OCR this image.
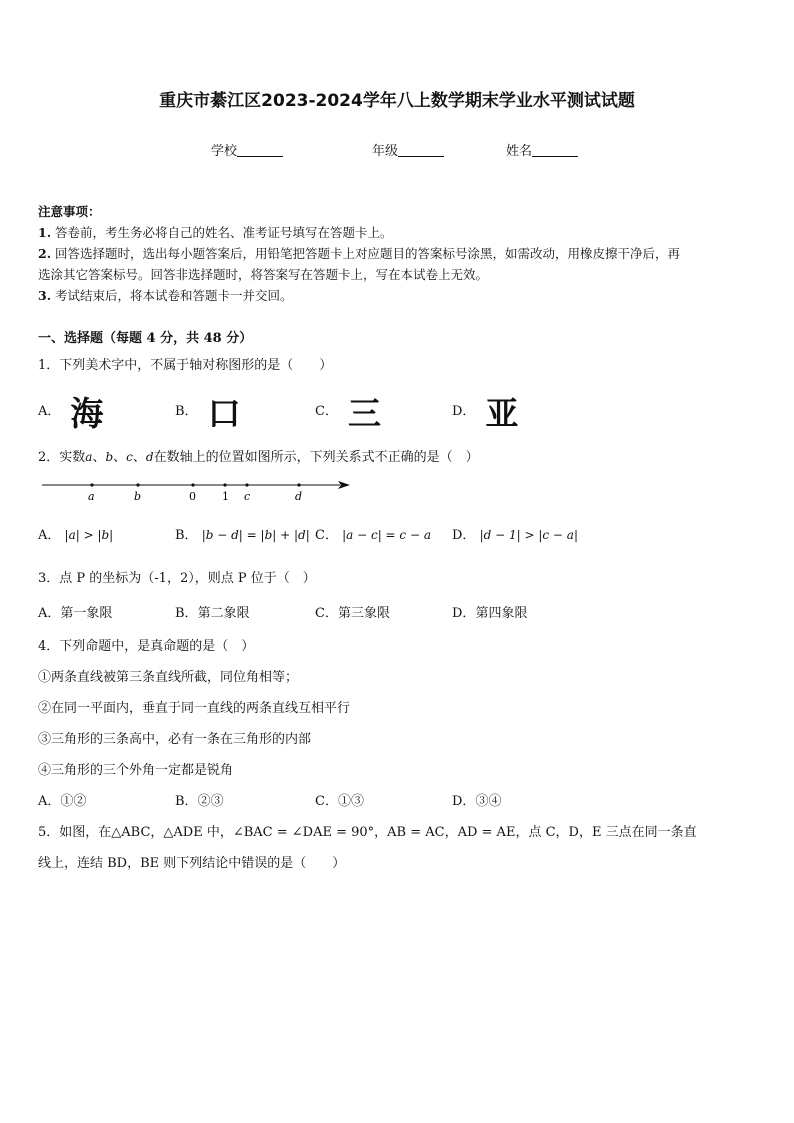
重庆市綦江区2023-2024学年八上数学期末学业水平测试试题
学校	年级	姓名
注意事项：
1. 答卷前，考生务必将自己的姓名、准考证号填写在答题卡上。
2. 回答选择题时，选出每小题答案后，用铅笔把答题卡上对应题目的答案标号涂黑，如需改动，用橡皮擦干净后，再
选涂其它答案标号。回答非选择题时，将答案写在答题卡上，写在本试卷上无效。
3. 考试结束后，将本试卷和答题卡一并交回。
一、选择题（每题 4 分，共 48 分）
1．下列美术字中，不属于轴对称图形的是（　　）
A． 海	B． 口	C． 三	D． 亚
2．实数a、b、c、d在数轴上的位置如图所示，下列关系式不正确的是（　）
a	b	0 1 c	d
A． |a| > |b|	B． |b − d| = |b| + |d| C． |a − c| = c − a D． |d − 1| > |c − a|
3．点 P 的坐标为（-1，2），则点 P 位于（　）
A．第一象限	B．第二象限	C．第三象限	D．第四象限
4．下列命题中，是真命题的是（　）
①两条直线被第三条直线所截，同位角相等；
②在同一平面内，垂直于同一直线的两条直线互相平行
③三角形的三条高中，必有一条在三角形的内部
④三角形的三个外角一定都是锐角
A．①②	B．②③	C．①③	D．③④
5．如图，在△ABC，△ADE 中，∠BAC = ∠DAE = 90°，AB = AC，AD = AE，点 C，D，E 三点在同一条直
线上，连结 BD，BE 则下列结论中错误的是（　　）
